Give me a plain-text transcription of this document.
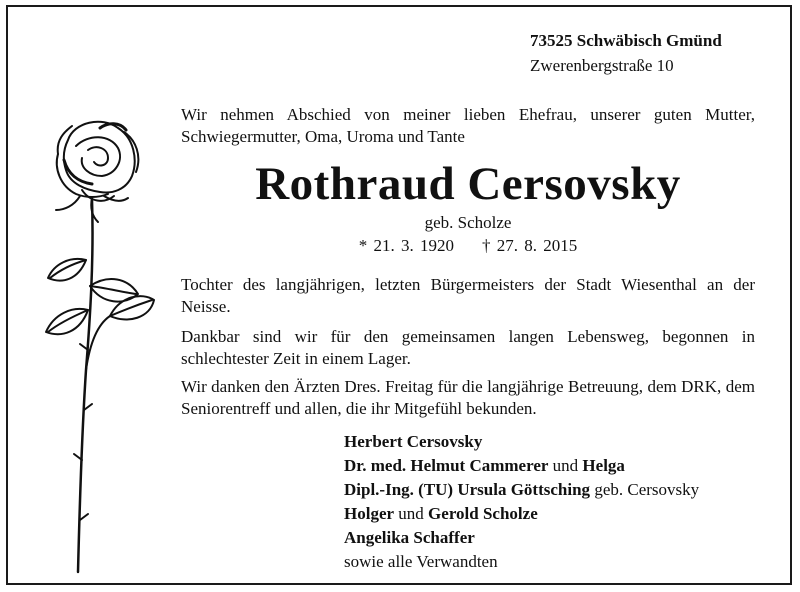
73525 Schwäbisch Gmünd
Zwerenbergstraße 10
Wir nehmen Abschied von meiner lieben Ehefrau, unserer guten Mutter, Schwiegermutter, Oma, Uroma und Tante
Rothraud Cersovsky
geb. Scholze
* 21. 3. 1920 † 27. 8. 2015
Tochter des langjährigen, letzten Bürgermeisters der Stadt Wiesenthal an der Neisse.
Dankbar sind wir für den gemeinsamen langen Lebensweg, begonnen in schlechtester Zeit in einem Lager.
Wir danken den Ärzten Dres. Freitag für die langjährige Betreuung, dem DRK, dem Seniorentreff und allen, die ihr Mitgefühl bekunden.
Herbert Cersovsky
Dr. med. Helmut Cammerer und Helga
Dipl.-Ing. (TU) Ursula Göttsching geb. Cersovsky
Holger und Gerold Scholze
Angelika Schaffer
sowie alle Verwandten
